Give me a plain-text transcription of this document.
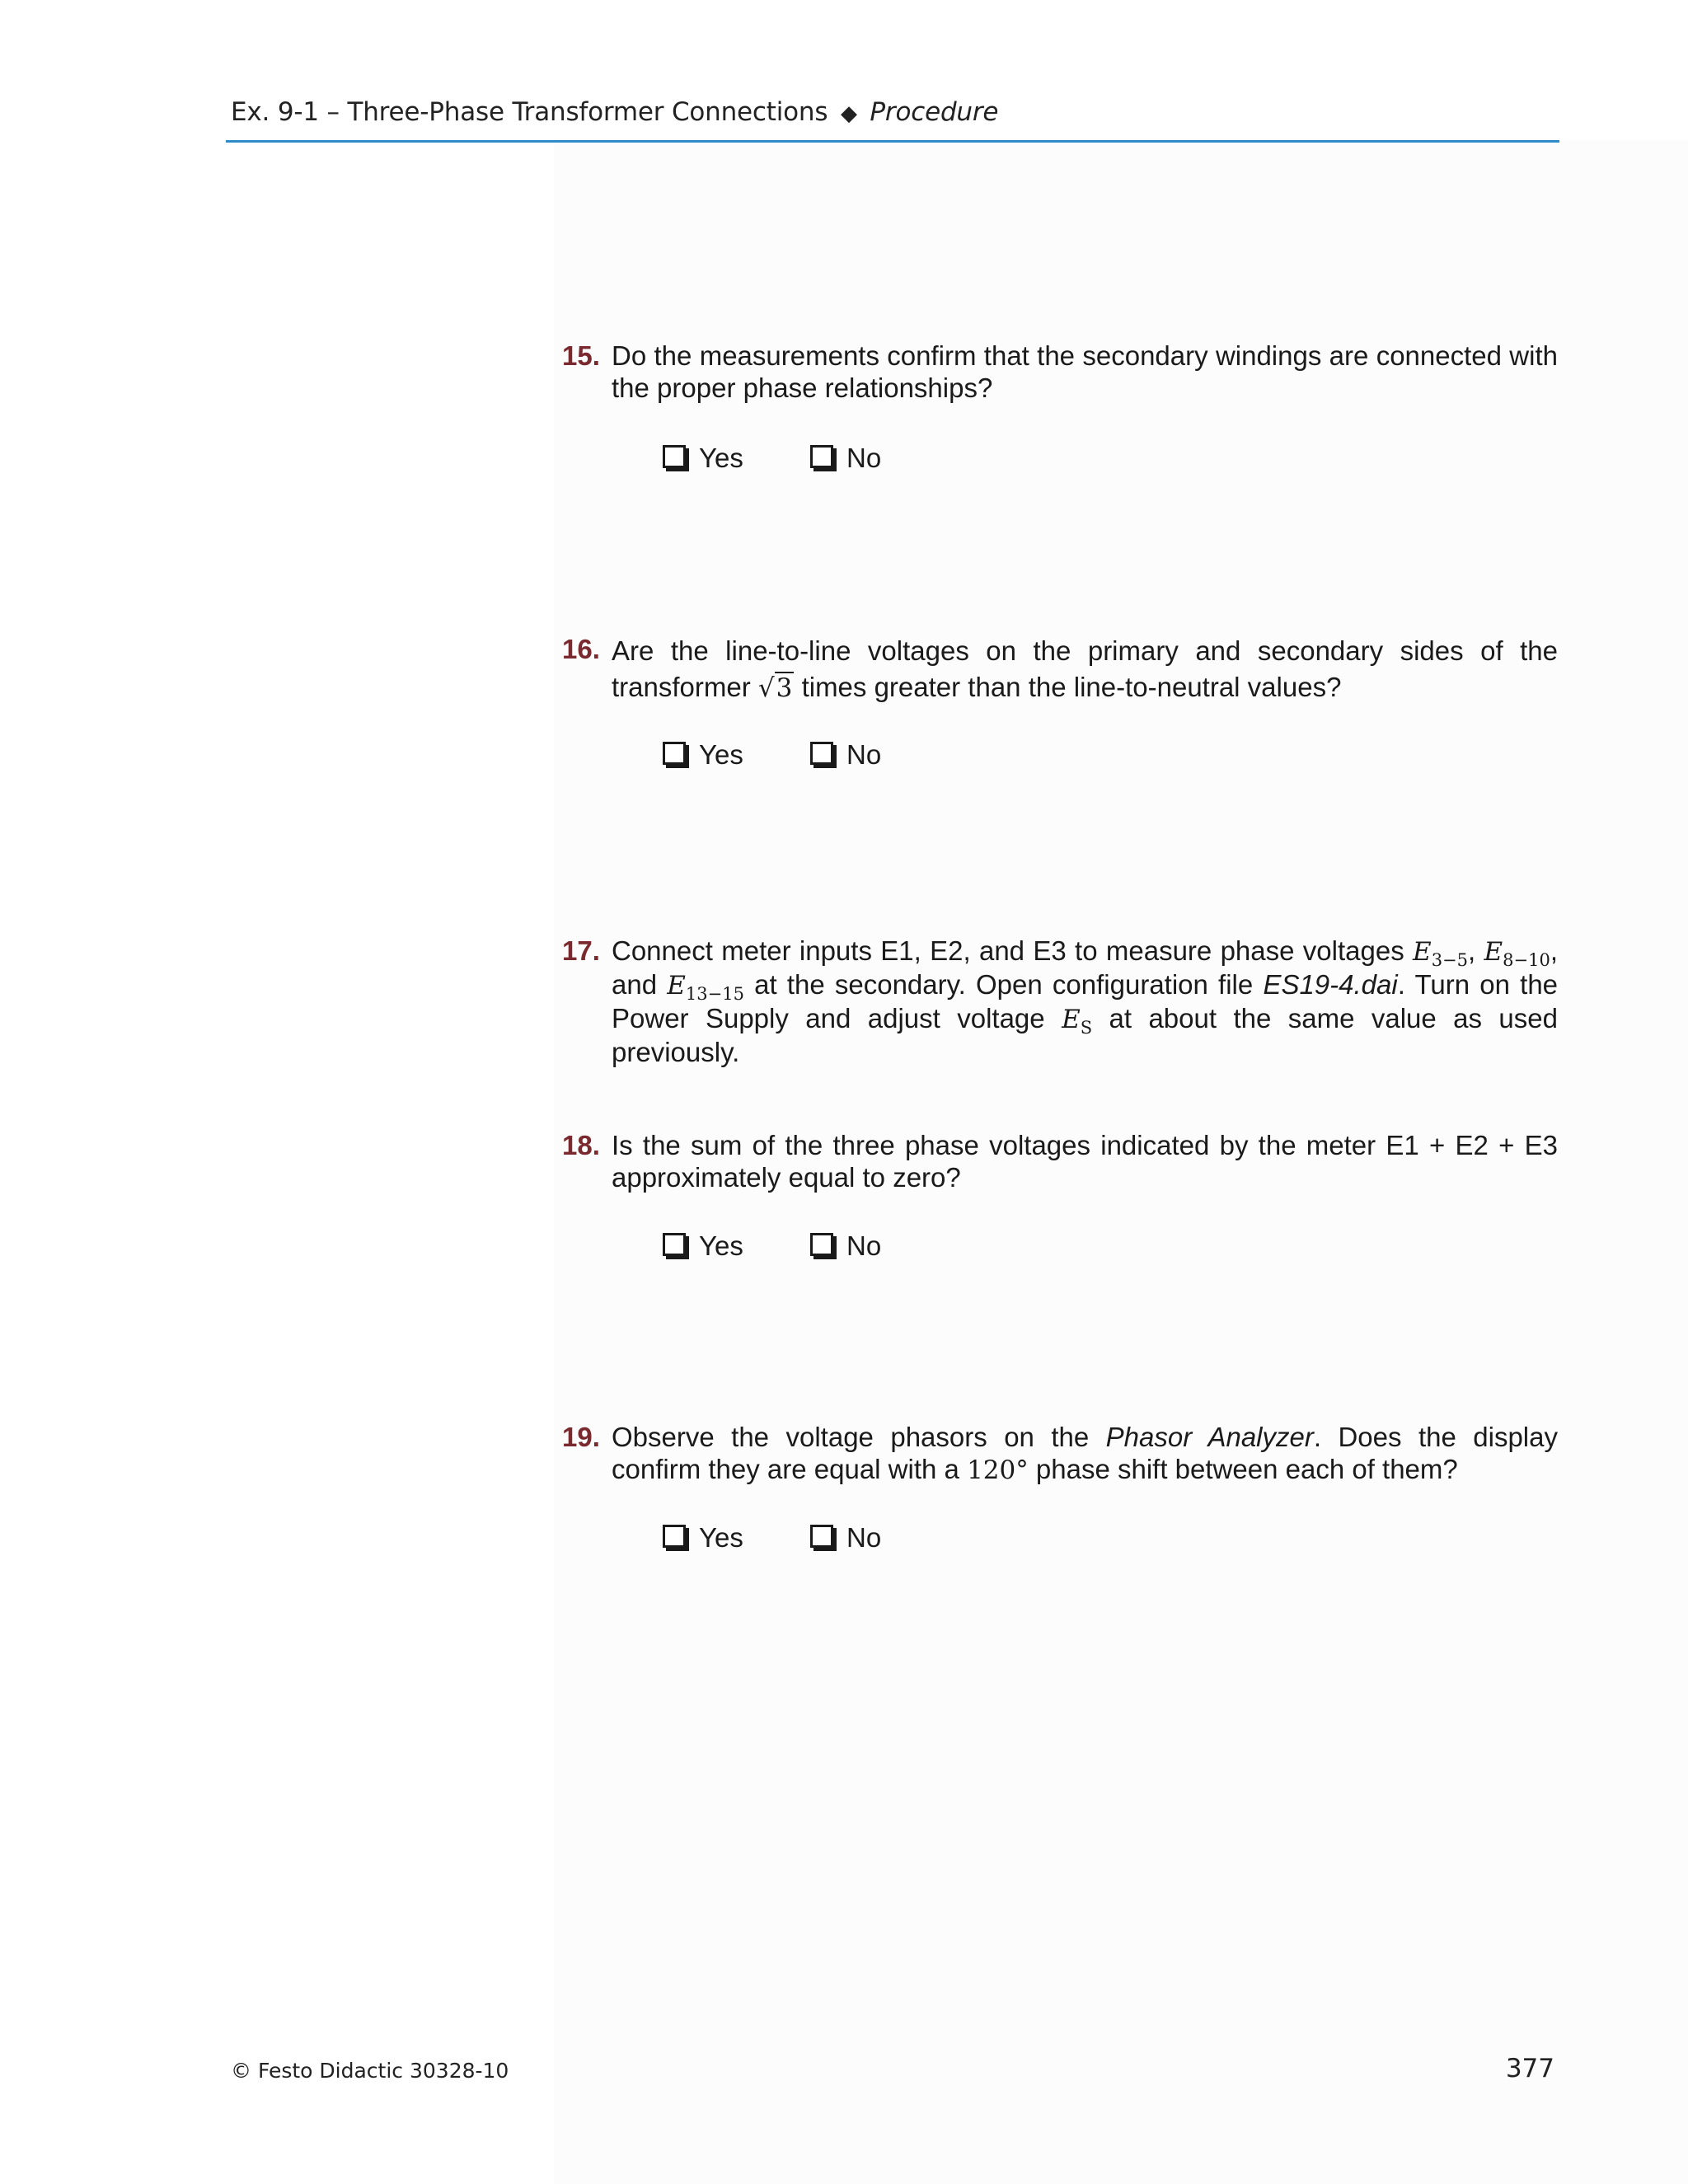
Ex. 9-1 – Three-Phase Transformer Connections ◆ Procedure
15. Do the measurements confirm that the secondary windings are connected with the proper phase relationships?
Yes
	No
16. Are the line-to-line voltages on the primary and secondary sides of the transformer √3 times greater than the line-to-neutral values?
Yes
	No
17. Connect meter inputs E1, E2, and E3 to measure phase voltages $E_{3-5}$, $E_{8-10}$, and $E_{13-15}$ at the secondary. Open configuration file ES19-4.dai. Turn on the Power Supply and adjust voltage $E_S$ at about the same value as used previously.
18. Is the sum of the three phase voltages indicated by the meter E1 + E2 + E3 approximately equal to zero?
Yes
	No
19. Observe the voltage phasors on the Phasor Analyzer. Does the display confirm they are equal with a 120° phase shift between each of them?
Yes
	No
© Festo Didactic 30328-10	377
